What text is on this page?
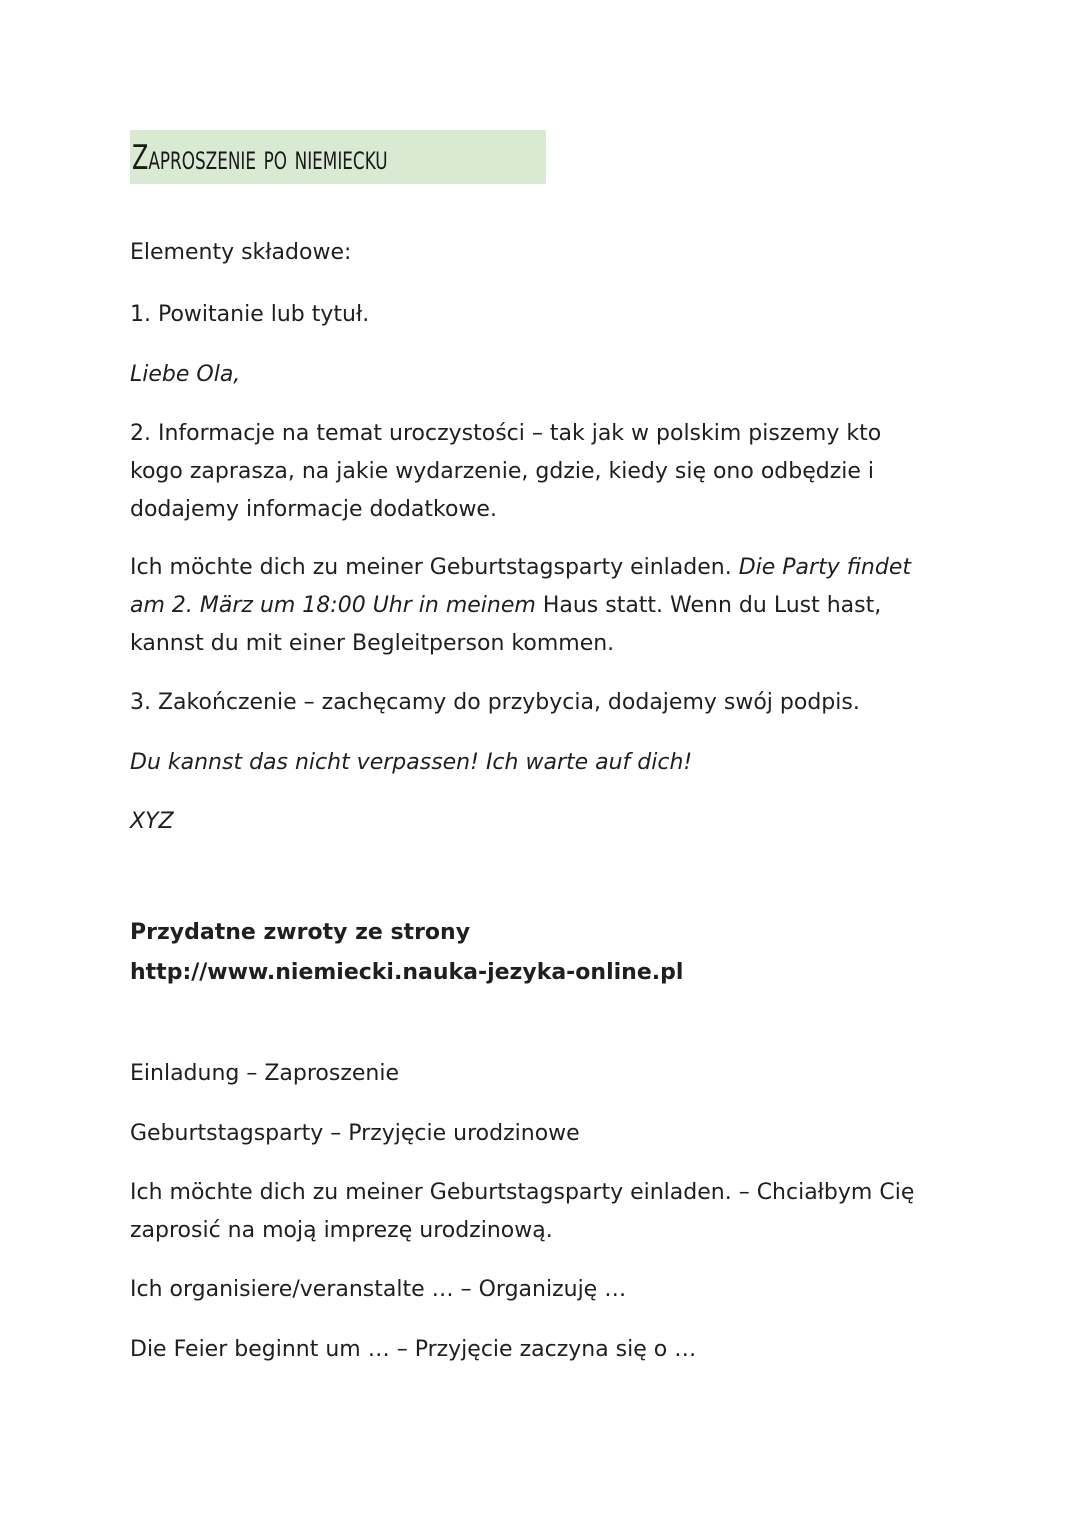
Zaproszenie po niemiecku

Elementy składowe:

1. Powitanie lub tytuł.

Liebe Ola,

2. Informacje na temat uroczystości – tak jak w polskim piszemy kto

kogo zaprasza, na jakie wydarzenie, gdzie, kiedy się ono odbędzie i

dodajemy informacje dodatkowe.

Ich möchte dich zu meiner Geburtstagsparty einladen. Die Party findet

am 2. März um 18:00 Uhr in meinem Haus statt. Wenn du Lust hast,

kannst du mit einer Begleitperson kommen.

3. Zakończenie – zachęcamy do przybycia, dodajemy swój podpis.

Du kannst das nicht verpassen! Ich warte auf dich!

XYZ

Przydatne zwroty ze strony

http://www.niemiecki.nauka-jezyka-online.pl

Einladung – Zaproszenie

Geburtstagsparty – Przyjęcie urodzinowe

Ich möchte dich zu meiner Geburtstagsparty einladen. – Chciałbym Cię

zaprosić na moją imprezę urodzinową.

Ich organisiere/veranstalte … – Organizuję …

Die Feier beginnt um … – Przyjęcie zaczyna się o …
